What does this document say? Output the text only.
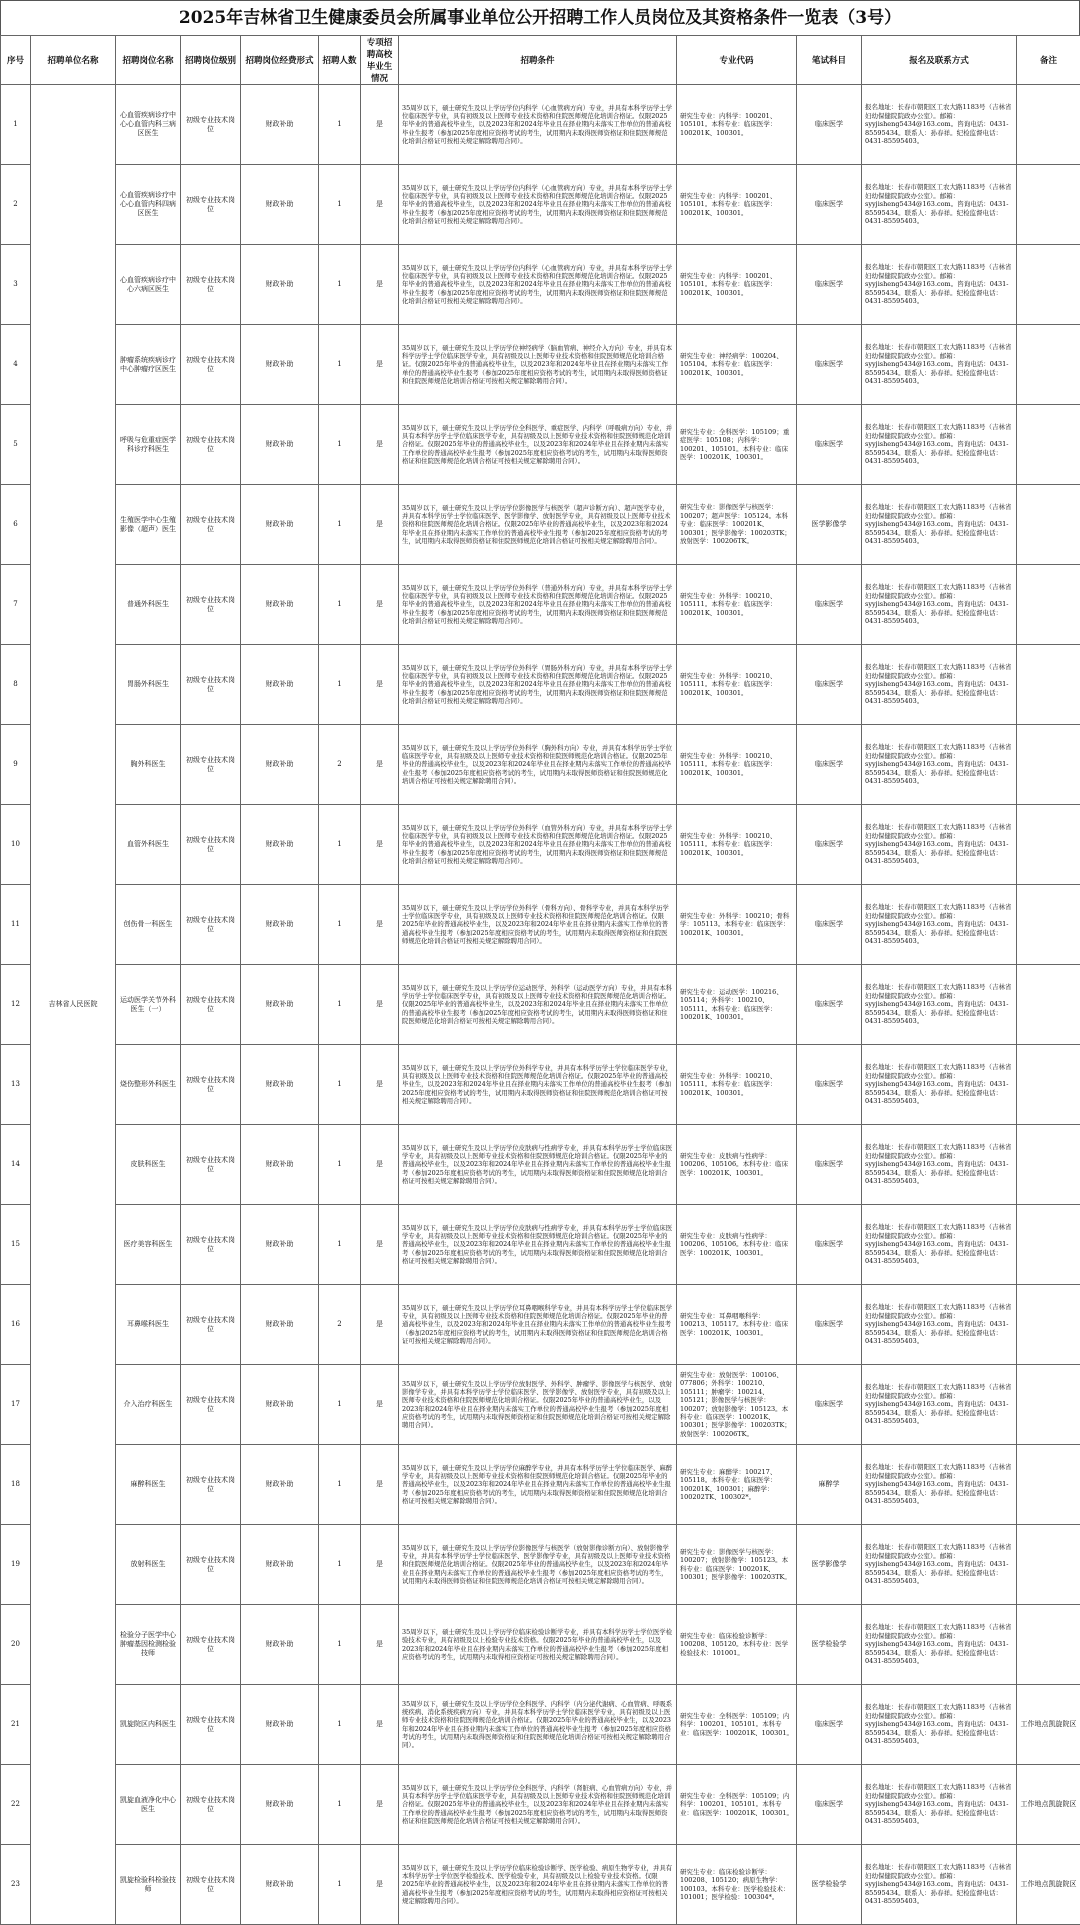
2025年吉林省卫生健康委员会所属事业单位公开招聘工作人员岗位及其资格条件一览表（3号）
序号	招聘单位名称	招聘岗位名称	招聘岗位级别	招聘岗位经费形式	招聘人数	专项招聘高校毕业生情况	招聘条件	专业代码	笔试科目	报名及联系方式	备注
1	吉林省人民医院	心血管疾病诊疗中心心血管内科三病区医生	初级专业技术岗位	财政补助	1	是	35周岁以下，硕士研究生及以上学历学位内科学（心血管病方向）专业，并具有本科学历学士学位临床医学专业，具有初级及以上医师专业技术资格和住院医师规范化培训合格证。仅限2025年毕业的普通高校毕业生，以及2023年和2024年毕业且在择业期内未落实工作单位的普通高校毕业生报考（参加2025年度相应资格考试的考生，试用期内未取得医师资格证和住院医师规范化培训合格证可按相关规定解除聘用合同）。	研究生专业：内科学：100201、105101。本科专业：临床医学：100201K、100301。	临床医学	报名地址：长春市朝阳区工农大路1183号（吉林省妇幼保健院院政办公室）。邮箱：syyjisheng5434@163.com。咨询电话：0431-85595434。联系人：孙春祥。纪检监督电话：0431-85595403。	
2		心血管疾病诊疗中心心血管内科四病区医生	初级专业技术岗位	财政补助	1	是	35周岁以下，硕士研究生及以上学历学位内科学（心血管病方向）专业，并具有本科学历学士学位临床医学专业，具有初级及以上医师专业技术资格和住院医师规范化培训合格证。仅限2025年毕业的普通高校毕业生，以及2023年和2024年毕业且在择业期内未落实工作单位的普通高校毕业生报考（参加2025年度相应资格考试的考生，试用期内未取得医师资格证和住院医师规范化培训合格证可按相关规定解除聘用合同）。	研究生专业：内科学：100201、105101。本科专业：临床医学：100201K、100301。	临床医学	报名地址：长春市朝阳区工农大路1183号（吉林省妇幼保健院院政办公室）。邮箱：syyjisheng5434@163.com。咨询电话：0431-85595434。联系人：孙春祥。纪检监督电话：0431-85595403。	
3		心血管疾病诊疗中心六病区医生	初级专业技术岗位	财政补助	1	是	35周岁以下，硕士研究生及以上学历学位内科学（心血管病方向）专业，并具有本科学历学士学位临床医学专业，具有初级及以上医师专业技术资格和住院医师规范化培训合格证。仅限2025年毕业的普通高校毕业生，以及2023年和2024年毕业且在择业期内未落实工作单位的普通高校毕业生报考（参加2025年度相应资格考试的考生，试用期内未取得医师资格证和住院医师规范化培训合格证可按相关规定解除聘用合同）。	研究生专业：内科学：100201、105101。本科专业：临床医学：100201K、100301。	临床医学	报名地址：长春市朝阳区工农大路1183号（吉林省妇幼保健院院政办公室）。邮箱：syyjisheng5434@163.com。咨询电话：0431-85595434。联系人：孙春祥。纪检监督电话：0431-85595403。	
4		肿瘤系统疾病诊疗中心肿瘤疗区医生	初级专业技术岗位	财政补助	1	是	35周岁以下，硕士研究生及以上学历学位神经病学（脑血管病、神经介入方向）专业，并具有本科学历学士学位临床医学专业，具有初级及以上医师专业技术资格和住院医师规范化培训合格证。仅限2025年毕业的普通高校毕业生，以及2023年和2024年毕业且在择业期内未落实工作单位的普通高校毕业生报考（参加2025年度相应资格考试的考生，试用期内未取得医师资格证和住院医师规范化培训合格证可按相关规定解除聘用合同）。	研究生专业：神经病学：100204、105104。本科专业：临床医学：100201K、100301。	临床医学	报名地址：长春市朝阳区工农大路1183号（吉林省妇幼保健院院政办公室）。邮箱：syyjisheng5434@163.com。咨询电话：0431-85595434。联系人：孙春祥。纪检监督电话：0431-85595403。	
5		呼吸与危重症医学科诊疗科医生	初级专业技术岗位	财政补助	1	是	35周岁以下，硕士研究生及以上学历学位全科医学、重症医学、内科学（呼吸病方向）专业，并具有本科学历学士学位临床医学专业，具有初级及以上医师专业技术资格和住院医师规范化培训合格证。仅限2025年毕业的普通高校毕业生，以及2023年和2024年毕业且在择业期内未落实工作单位的普通高校毕业生报考（参加2025年度相应资格考试的考生，试用期内未取得医师资格证和住院医师规范化培训合格证可按相关规定解除聘用合同）。	研究生专业：全科医学：105109；重症医学：105108；内科学：100201、105101。本科专业：临床医学：100201K、100301。	临床医学	报名地址：长春市朝阳区工农大路1183号（吉林省妇幼保健院院政办公室）。邮箱：syyjisheng5434@163.com。咨询电话：0431-85595434。联系人：孙春祥。纪检监督电话：0431-85595403。	
6		生殖医学中心生殖影像（超声）医生	初级专业技术岗位	财政补助	1	是	35周岁以下，硕士研究生及以上学历学位影像医学与核医学（超声诊断方向）、超声医学专业，并具有本科学历学士学位临床医学、医学影像学、放射医学专业，具有初级及以上医师专业技术资格和住院医师规范化培训合格证。仅限2025年毕业的普通高校毕业生，以及2023年和2024年毕业且在择业期内未落实工作单位的普通高校毕业生报考（参加2025年度相应资格考试的考生，试用期内未取得医师资格证和住院医师规范化培训合格证可按相关规定解除聘用合同）。	研究生专业：影像医学与核医学：100207；超声医学：105124。本科专业：临床医学：100201K、100301；医学影像学：100203TK；放射医学：100206TK。	医学影像学	报名地址：长春市朝阳区工农大路1183号（吉林省妇幼保健院院政办公室）。邮箱：syyjisheng5434@163.com。咨询电话：0431-85595434。联系人：孙春祥。纪检监督电话：0431-85595403。	
7		普通外科医生	初级专业技术岗位	财政补助	1	是	35周岁以下，硕士研究生及以上学历学位外科学（普通外科方向）专业，并具有本科学历学士学位临床医学专业，具有初级及以上医师专业技术资格和住院医师规范化培训合格证。仅限2025年毕业的普通高校毕业生，以及2023年和2024年毕业且在择业期内未落实工作单位的普通高校毕业生报考（参加2025年度相应资格考试的考生，试用期内未取得医师资格证和住院医师规范化培训合格证可按相关规定解除聘用合同）。	研究生专业：外科学：100210、105111。本科专业：临床医学：100201K、100301。	临床医学	报名地址：长春市朝阳区工农大路1183号（吉林省妇幼保健院院政办公室）。邮箱：syyjisheng5434@163.com。咨询电话：0431-85595434。联系人：孙春祥。纪检监督电话：0431-85595403。	
8		胃肠外科医生	初级专业技术岗位	财政补助	1	是	35周岁以下，硕士研究生及以上学历学位外科学（胃肠外科方向）专业，并具有本科学历学士学位临床医学专业，具有初级及以上医师专业技术资格和住院医师规范化培训合格证。仅限2025年毕业的普通高校毕业生，以及2023年和2024年毕业且在择业期内未落实工作单位的普通高校毕业生报考（参加2025年度相应资格考试的考生，试用期内未取得医师资格证和住院医师规范化培训合格证可按相关规定解除聘用合同）。	研究生专业：外科学：100210、105111。本科专业：临床医学：100201K、100301。	临床医学	报名地址：长春市朝阳区工农大路1183号（吉林省妇幼保健院院政办公室）。邮箱：syyjisheng5434@163.com。咨询电话：0431-85595434。联系人：孙春祥。纪检监督电话：0431-85595403。	
9		胸外科医生	初级专业技术岗位	财政补助	2	是	35周岁以下，硕士研究生及以上学历学位外科学（胸外科方向）专业，并具有本科学历学士学位临床医学专业，具有初级及以上医师专业技术资格和住院医师规范化培训合格证。仅限2025年毕业的普通高校毕业生，以及2023年和2024年毕业且在择业期内未落实工作单位的普通高校毕业生报考（参加2025年度相应资格考试的考生，试用期内未取得医师资格证和住院医师规范化培训合格证可按相关规定解除聘用合同）。	研究生专业：外科学：100210、105111。本科专业：临床医学：100201K、100301。	临床医学	报名地址：长春市朝阳区工农大路1183号（吉林省妇幼保健院院政办公室）。邮箱：syyjisheng5434@163.com。咨询电话：0431-85595434。联系人：孙春祥。纪检监督电话：0431-85595403。	
10		血管外科医生	初级专业技术岗位	财政补助	1	是	35周岁以下，硕士研究生及以上学历学位外科学（血管外科方向）专业，并具有本科学历学士学位临床医学专业，具有初级及以上医师专业技术资格和住院医师规范化培训合格证。仅限2025年毕业的普通高校毕业生，以及2023年和2024年毕业且在择业期内未落实工作单位的普通高校毕业生报考（参加2025年度相应资格考试的考生，试用期内未取得医师资格证和住院医师规范化培训合格证可按相关规定解除聘用合同）。	研究生专业：外科学：100210、105111。本科专业：临床医学：100201K、100301。	临床医学	报名地址：长春市朝阳区工农大路1183号（吉林省妇幼保健院院政办公室）。邮箱：syyjisheng5434@163.com。咨询电话：0431-85595434。联系人：孙春祥。纪检监督电话：0431-85595403。	
11		创伤骨一科医生	初级专业技术岗位	财政补助	1	是	35周岁以下，硕士研究生及以上学历学位外科学（骨科方向）、骨科学专业，并具有本科学历学士学位临床医学专业，具有初级及以上医师专业技术资格和住院医师规范化培训合格证。仅限2025年毕业的普通高校毕业生，以及2023年和2024年毕业且在择业期内未落实工作单位的普通高校毕业生报考（参加2025年度相应资格考试的考生，试用期内未取得医师资格证和住院医师规范化培训合格证可按相关规定解除聘用合同）。	研究生专业：外科学：100210；骨科学：105113。本科专业：临床医学：100201K、100301。	临床医学	报名地址：长春市朝阳区工农大路1183号（吉林省妇幼保健院院政办公室）。邮箱：syyjisheng5434@163.com。咨询电话：0431-85595434。联系人：孙春祥。纪检监督电话：0431-85595403。	
12		运动医学关节外科医生（一）	初级专业技术岗位	财政补助	1	是	35周岁以下，硕士研究生及以上学历学位运动医学、外科学（运动医学方向）专业，并具有本科学历学士学位临床医学专业，具有初级及以上医师专业技术资格和住院医师规范化培训合格证。仅限2025年毕业的普通高校毕业生，以及2023年和2024年毕业且在择业期内未落实工作单位的普通高校毕业生报考（参加2025年度相应资格考试的考生，试用期内未取得医师资格证和住院医师规范化培训合格证可按相关规定解除聘用合同）。	研究生专业：运动医学：100216、105114；外科学：100210、105111。本科专业：临床医学：100201K、100301。	临床医学	报名地址：长春市朝阳区工农大路1183号（吉林省妇幼保健院院政办公室）。邮箱：syyjisheng5434@163.com。咨询电话：0431-85595434。联系人：孙春祥。纪检监督电话：0431-85595403。	
13		烧伤整形外科医生	初级专业技术岗位	财政补助	1	是	35周岁以下，硕士研究生及以上学历学位外科学专业，并具有本科学历学士学位临床医学专业，具有初级及以上医师专业技术资格和住院医师规范化培训合格证。仅限2025年毕业的普通高校毕业生，以及2023年和2024年毕业且在择业期内未落实工作单位的普通高校毕业生报考（参加2025年度相应资格考试的考生，试用期内未取得医师资格证和住院医师规范化培训合格证可按相关规定解除聘用合同）。	研究生专业：外科学：100210、105111。本科专业：临床医学：100201K、100301。	临床医学	报名地址：长春市朝阳区工农大路1183号（吉林省妇幼保健院院政办公室）。邮箱：syyjisheng5434@163.com。咨询电话：0431-85595434。联系人：孙春祥。纪检监督电话：0431-85595403。	
14		皮肤科医生	初级专业技术岗位	财政补助	1	是	35周岁以下，硕士研究生及以上学历学位皮肤病与性病学专业，并具有本科学历学士学位临床医学专业，具有初级及以上医师专业技术资格和住院医师规范化培训合格证。仅限2025年毕业的普通高校毕业生，以及2023年和2024年毕业且在择业期内未落实工作单位的普通高校毕业生报考（参加2025年度相应资格考试的考生，试用期内未取得医师资格证和住院医师规范化培训合格证可按相关规定解除聘用合同）。	研究生专业：皮肤病与性病学：100206、105106。本科专业：临床医学：100201K、100301。	临床医学	报名地址：长春市朝阳区工农大路1183号（吉林省妇幼保健院院政办公室）。邮箱：syyjisheng5434@163.com。咨询电话：0431-85595434。联系人：孙春祥。纪检监督电话：0431-85595403。	
15		医疗美容科医生	初级专业技术岗位	财政补助	1	是	35周岁以下，硕士研究生及以上学历学位皮肤病与性病学专业，并具有本科学历学士学位临床医学专业，具有初级及以上医师专业技术资格和住院医师规范化培训合格证。仅限2025年毕业的普通高校毕业生，以及2023年和2024年毕业且在择业期内未落实工作单位的普通高校毕业生报考（参加2025年度相应资格考试的考生，试用期内未取得医师资格证和住院医师规范化培训合格证可按相关规定解除聘用合同）。	研究生专业：皮肤病与性病学：100206、105106。本科专业：临床医学：100201K、100301。	临床医学	报名地址：长春市朝阳区工农大路1183号（吉林省妇幼保健院院政办公室）。邮箱：syyjisheng5434@163.com。咨询电话：0431-85595434。联系人：孙春祥。纪检监督电话：0431-85595403。	
16		耳鼻喉科医生	初级专业技术岗位	财政补助	2	是	35周岁以下，硕士研究生及以上学历学位耳鼻咽喉科学专业，并具有本科学历学士学位临床医学专业，具有初级及以上医师专业技术资格和住院医师规范化培训合格证。仅限2025年毕业的普通高校毕业生，以及2023年和2024年毕业且在择业期内未落实工作单位的普通高校毕业生报考（参加2025年度相应资格考试的考生，试用期内未取得医师资格证和住院医师规范化培训合格证可按相关规定解除聘用合同）。	研究生专业：耳鼻咽喉科学：100213、105117。本科专业：临床医学：100201K、100301。	临床医学	报名地址：长春市朝阳区工农大路1183号（吉林省妇幼保健院院政办公室）。邮箱：syyjisheng5434@163.com。咨询电话：0431-85595434。联系人：孙春祥。纪检监督电话：0431-85595403。	
17		介入治疗科医生	初级专业技术岗位	财政补助	1	是	35周岁以下，硕士研究生及以上学历学位放射医学、外科学、肿瘤学、影像医学与核医学、放射影像学专业，并具有本科学历学士学位临床医学、医学影像学、放射医学专业，具有初级及以上医师专业技术资格和住院医师规范化培训合格证。仅限2025年毕业的普通高校毕业生，以及2023年和2024年毕业且在择业期内未落实工作单位的普通高校毕业生报考（参加2025年度相应资格考试的考生，试用期内未取得医师资格证和住院医师规范化培训合格证可按相关规定解除聘用合同）。	研究生专业：放射医学：100106、077806；外科学：100210、105111；肿瘤学：100214、105121；影像医学与核医学：100207；放射影像学：105123。本科专业：临床医学：100201K、100301；医学影像学：100203TK；放射医学：100206TK。	临床医学	报名地址：长春市朝阳区工农大路1183号（吉林省妇幼保健院院政办公室）。邮箱：syyjisheng5434@163.com。咨询电话：0431-85595434。联系人：孙春祥。纪检监督电话：0431-85595403。	
18		麻醉科医生	初级专业技术岗位	财政补助	1	是	35周岁以下，硕士研究生及以上学历学位麻醉学专业，并具有本科学历学士学位临床医学、麻醉学专业，具有初级及以上医师专业技术资格和住院医师规范化培训合格证。仅限2025年毕业的普通高校毕业生，以及2023年和2024年毕业且在择业期内未落实工作单位的普通高校毕业生报考（参加2025年度相应资格考试的考生，试用期内未取得医师资格证和住院医师规范化培训合格证可按相关规定解除聘用合同）。	研究生专业：麻醉学：100217、105118。本科专业：临床医学：100201K、100301；麻醉学：100202TK、100302*。	麻醉学	报名地址：长春市朝阳区工农大路1183号（吉林省妇幼保健院院政办公室）。邮箱：syyjisheng5434@163.com。咨询电话：0431-85595434。联系人：孙春祥。纪检监督电话：0431-85595403。	
19		放射科医生	初级专业技术岗位	财政补助	1	是	35周岁以下，硕士研究生及以上学历学位影像医学与核医学（放射影像诊断方向）、放射影像学专业，并具有本科学历学士学位临床医学、医学影像学专业，具有初级及以上医师专业技术资格和住院医师规范化培训合格证。仅限2025年毕业的普通高校毕业生，以及2023年和2024年毕业且在择业期内未落实工作单位的普通高校毕业生报考（参加2025年度相应资格考试的考生，试用期内未取得医师资格证和住院医师规范化培训合格证可按相关规定解除聘用合同）。	研究生专业：影像医学与核医学：100207；放射影像学：105123。本科专业：临床医学：100201K、100301；医学影像学：100203TK。	医学影像学	报名地址：长春市朝阳区工农大路1183号（吉林省妇幼保健院院政办公室）。邮箱：syyjisheng5434@163.com。咨询电话：0431-85595434。联系人：孙春祥。纪检监督电话：0431-85595403。	
20		检验分子医学中心肿瘤基因检测检验技师	初级专业技术岗位	财政补助	1	是	35周岁以下，硕士研究生及以上学历学位临床检验诊断学专业，并具有本科学历学士学位医学检验技术专业，具有初级及以上检验专业技术资格。仅限2025年毕业的普通高校毕业生，以及2023年和2024年毕业且在择业期内未落实工作单位的普通高校毕业生报考（参加2025年度相应资格考试的考生，试用期内未取得相应资格证可按相关规定解除聘用合同）。	研究生专业：临床检验诊断学：100208、105120。本科专业：医学检验技术：101001。	医学检验学	报名地址：长春市朝阳区工农大路1183号（吉林省妇幼保健院院政办公室）。邮箱：syyjisheng5434@163.com。咨询电话：0431-85595434。联系人：孙春祥。纪检监督电话：0431-85595403。	
21		凯旋院区内科医生	初级专业技术岗位	财政补助	1	是	35周岁以下，硕士研究生及以上学历学位全科医学、内科学（内分泌代谢病、心血管病、呼吸系统疾病、消化系统疾病方向）专业，并具有本科学历学士学位临床医学专业，具有初级及以上医师专业技术资格和住院医师规范化培训合格证。仅限2025年毕业的普通高校毕业生，以及2023年和2024年毕业且在择业期内未落实工作单位的普通高校毕业生报考（参加2025年度相应资格考试的考生，试用期内未取得医师资格证和住院医师规范化培训合格证可按相关规定解除聘用合同）。	研究生专业：全科医学：105109；内科学：100201、105101。本科专业：临床医学：100201K、100301。	临床医学	报名地址：长春市朝阳区工农大路1183号（吉林省妇幼保健院院政办公室）。邮箱：syyjisheng5434@163.com。咨询电话：0431-85595434。联系人：孙春祥。纪检监督电话：0431-85595403。	工作地点凯旋院区
22		凯旋血液净化中心医生	初级专业技术岗位	财政补助	1	是	35周岁以下，硕士研究生及以上学历学位全科医学、内科学（肾脏病、心血管病方向）专业，并具有本科学历学士学位临床医学专业，具有初级及以上医师专业技术资格和住院医师规范化培训合格证。仅限2025年毕业的普通高校毕业生，以及2023年和2024年毕业且在择业期内未落实工作单位的普通高校毕业生报考（参加2025年度相应资格考试的考生，试用期内未取得医师资格证和住院医师规范化培训合格证可按相关规定解除聘用合同）。	研究生专业：全科医学：105109；内科学：100201、105101。本科专业：临床医学：100201K、100301。	临床医学	报名地址：长春市朝阳区工农大路1183号（吉林省妇幼保健院院政办公室）。邮箱：syyjisheng5434@163.com。咨询电话：0431-85595434。联系人：孙春祥。纪检监督电话：0431-85595403。	工作地点凯旋院区
23		凯旋检验科检验技师	初级专业技术岗位	财政补助	1	是	35周岁以下，硕士研究生及以上学历学位临床检验诊断学、医学检验、病原生物学专业，并具有本科学历学士学位医学检验技术、医学检验专业，具有初级及以上检验专业技术资格。仅限2025年毕业的普通高校毕业生，以及2023年和2024年毕业且在择业期内未落实工作单位的普通高校毕业生报考（参加2025年度相应资格考试的考生，试用期内未取得相应资格证可按相关规定解除聘用合同）。	研究生专业：临床检验诊断学：100208、105120；病原生物学：100103。本科专业：医学检验技术：101001；医学检验：100304*。	医学检验学	报名地址：长春市朝阳区工农大路1183号（吉林省妇幼保健院院政办公室）。邮箱：syyjisheng5434@163.com。咨询电话：0431-85595434。联系人：孙春祥。纪检监督电话：0431-85595403。	工作地点凯旋院区
